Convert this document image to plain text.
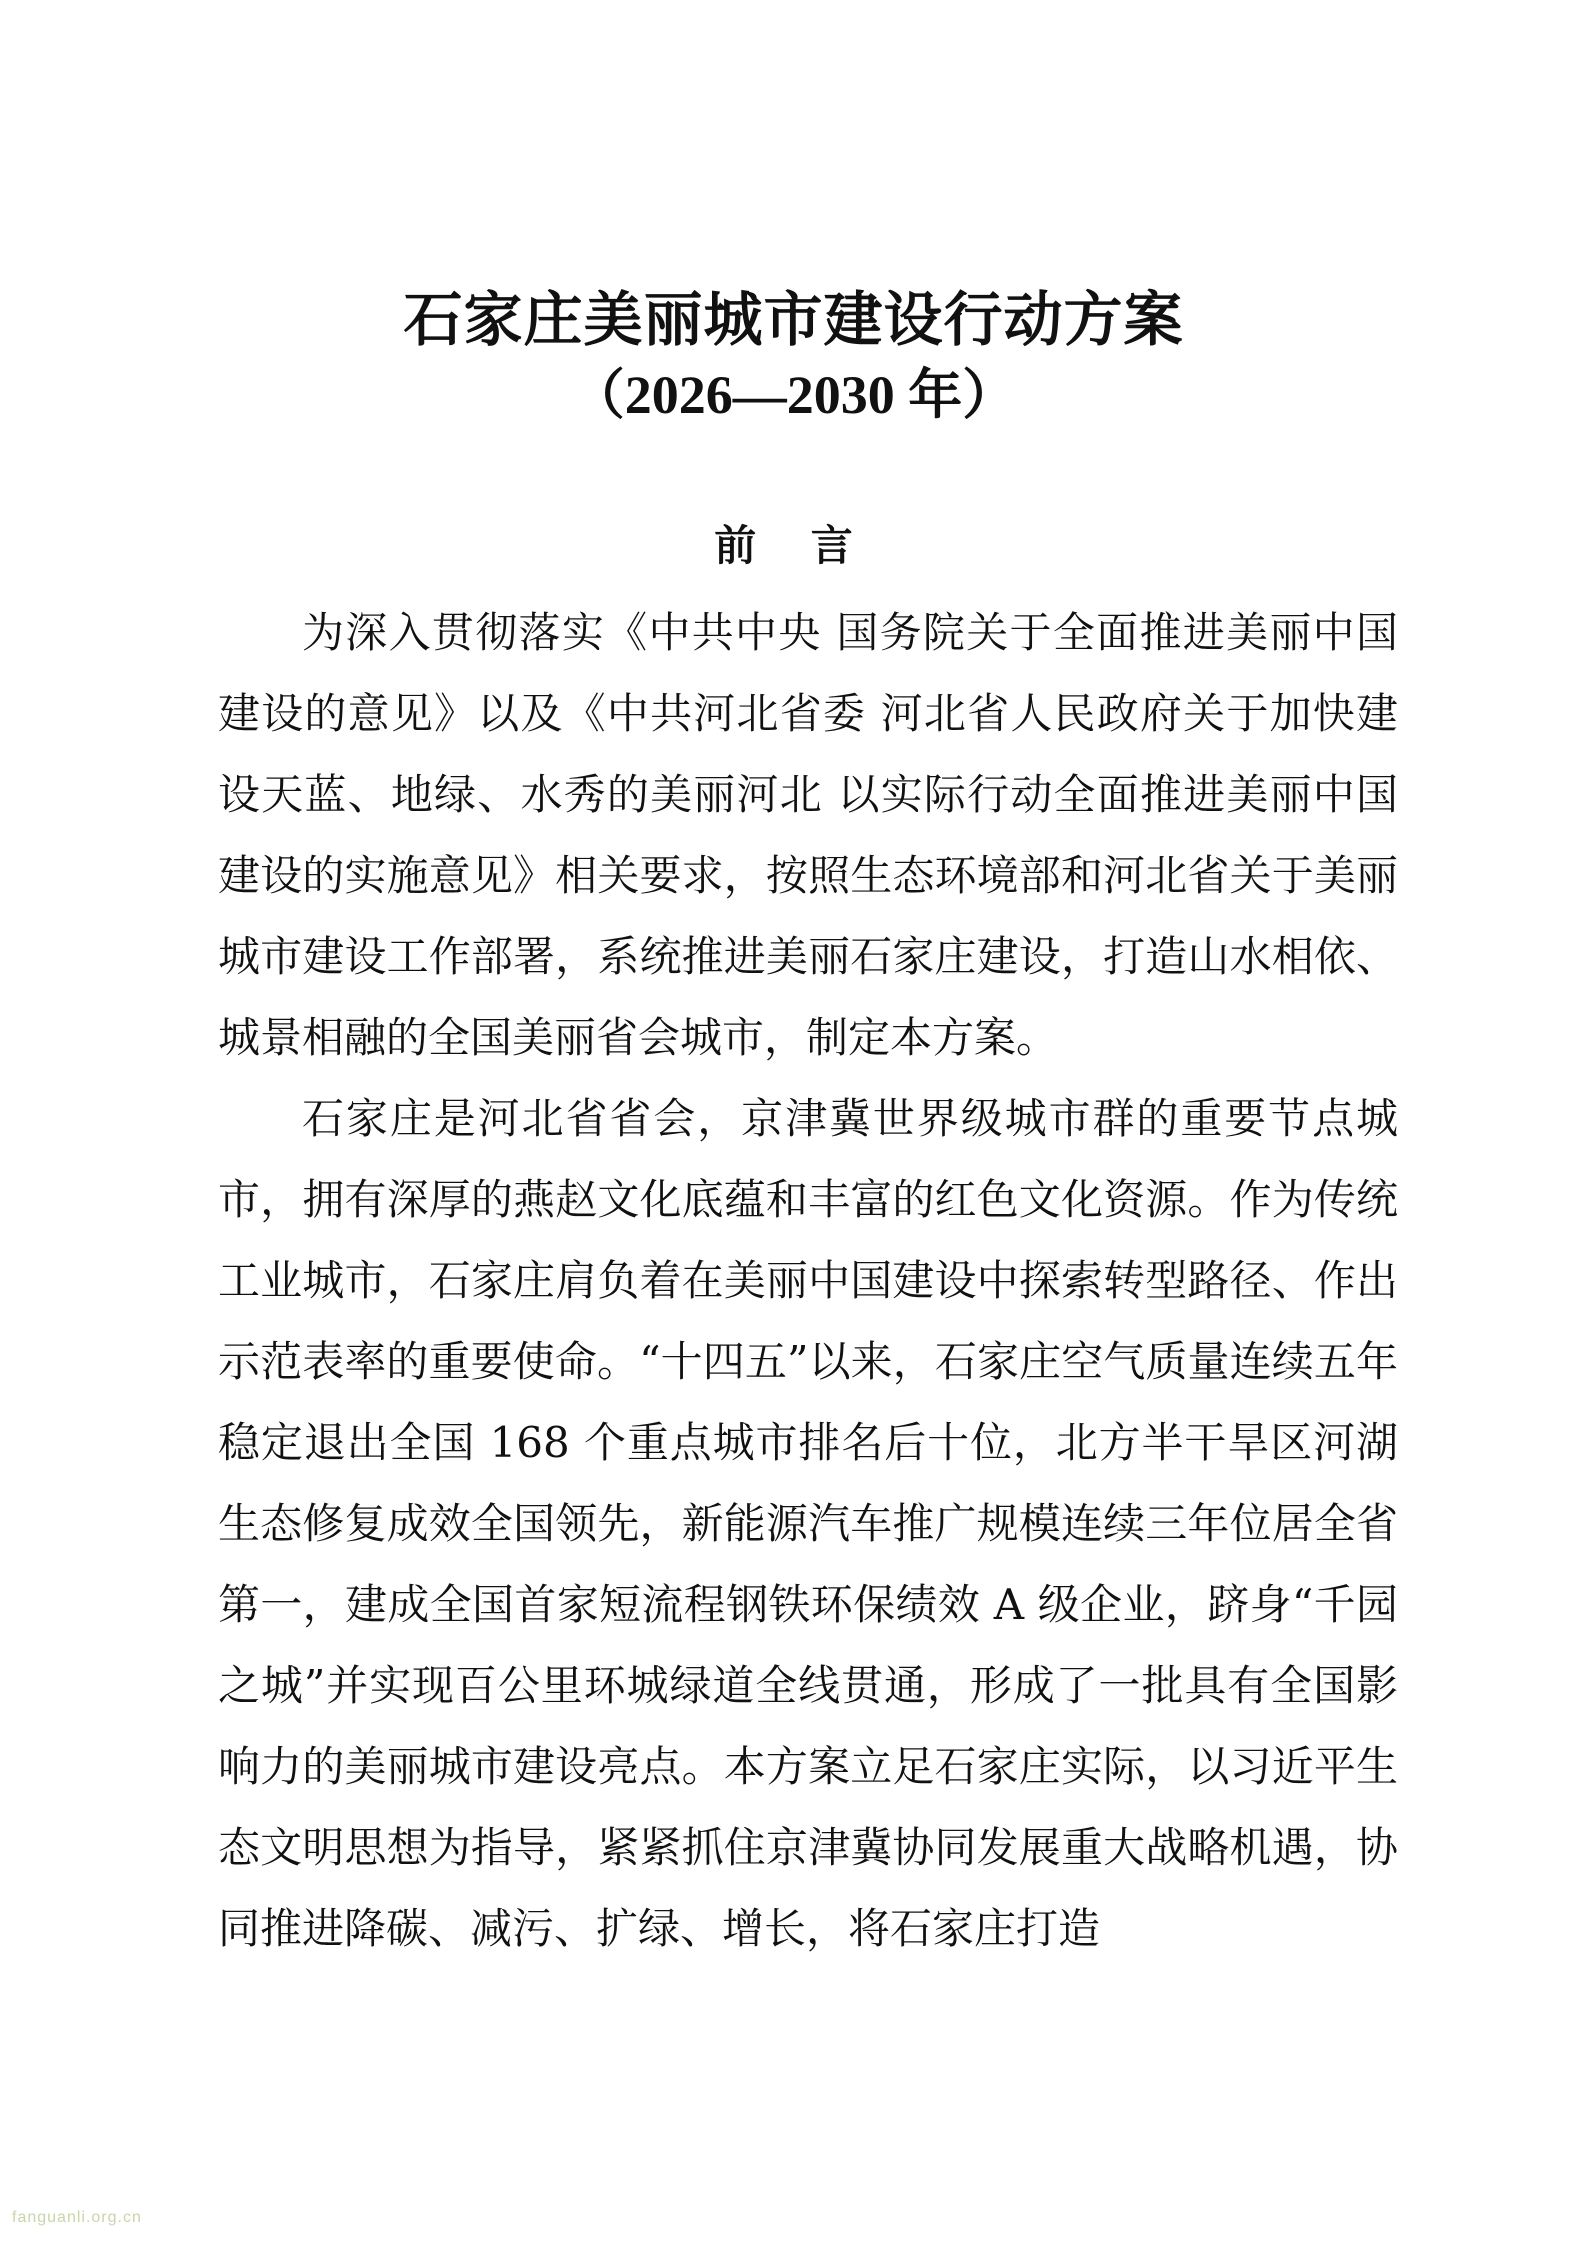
石家庄美丽城市建设行动方案
（2026—2030 年）
前 言

为深入贯彻落实《中共中央 国务院关于全面推进美丽中国建设的意见》以及《中共河北省委 河北省人民政府关于加快建设天蓝、地绿、水秀的美丽河北 以实际行动全面推进美丽中国建设的实施意见》相关要求，按照生态环境部和河北省关于美丽城市建设工作部署，系统推进美丽石家庄建设，打造山水相依、城景相融的全国美丽省会城市，制定本方案。

石家庄是河北省省会，京津冀世界级城市群的重要节点城市，拥有深厚的燕赵文化底蕴和丰富的红色文化资源。作为传统工业城市，石家庄肩负着在美丽中国建设中探索转型路径、作出示范表率的重要使命。“十四五”以来，石家庄空气质量连续五年稳定退出全国 168 个重点城市排名后十位，北方半干旱区河湖生态修复成效全国领先，新能源汽车推广规模连续三年位居全省第一，建成全国首家短流程钢铁环保绩效 A 级企业，跻身“千园之城”并实现百公里环城绿道全线贯通，形成了一批具有全国影响力的美丽城市建设亮点。本方案立足石家庄实际，以习近平生态文明思想为指导，紧紧抓住京津冀协同发展重大战略机遇，协同推进降碳、减污、扩绿、增长，将石家庄打造

fanguanli.org.cn
